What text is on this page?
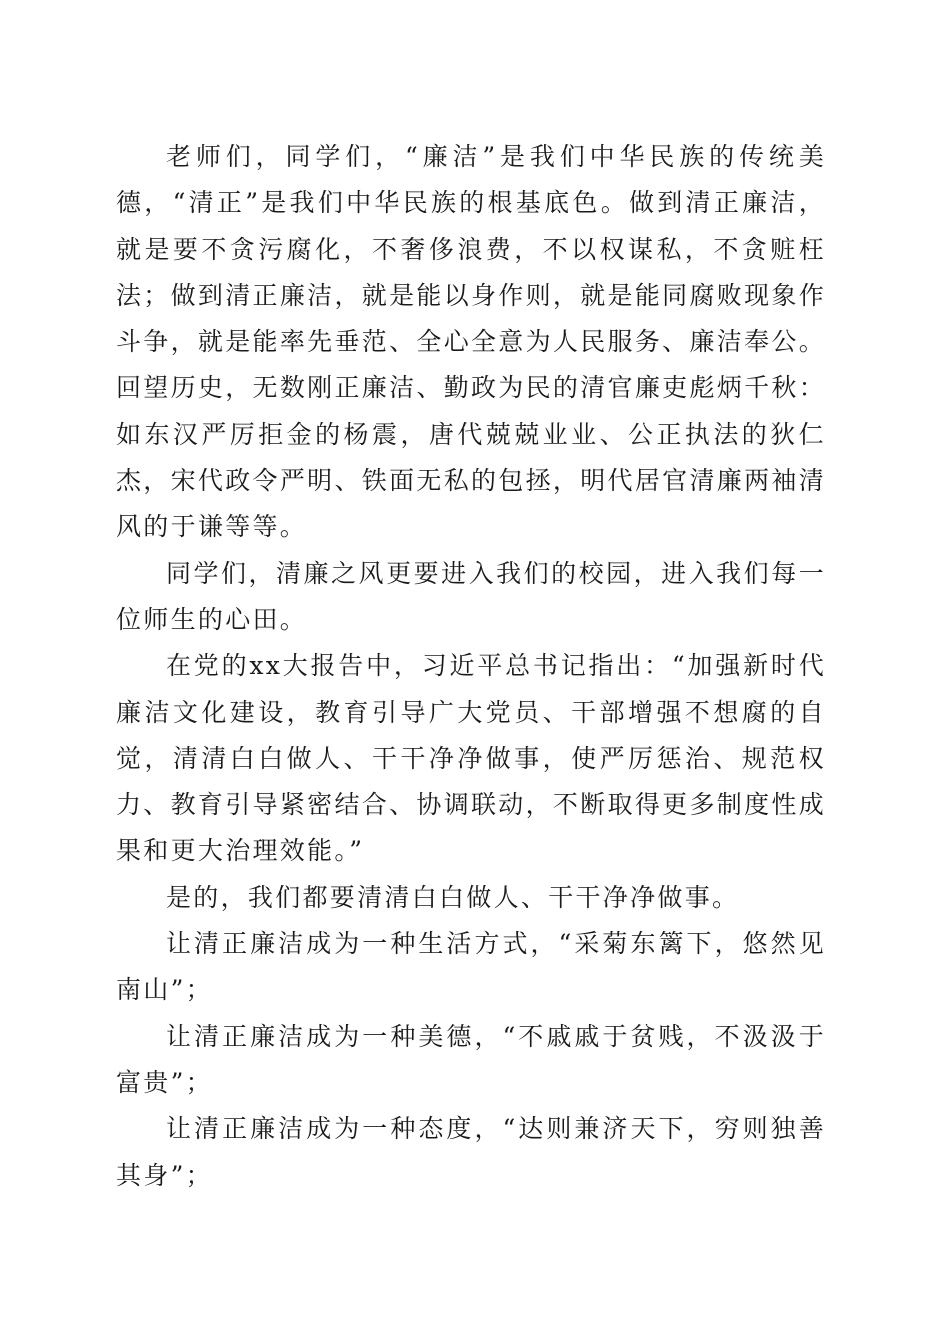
老师们，同学们，“廉洁”是我们中华民族的传统美德，“清正”是我们中华民族的根基底色。做到清正廉洁，就是要不贪污腐化，不奢侈浪费，不以权谋私，不贪赃枉法；做到清正廉洁，就是能以身作则，就是能同腐败现象作斗争，就是能率先垂范、全心全意为人民服务、廉洁奉公。回望历史，无数刚正廉洁、勤政为民的清官廉吏彪炳千秋：如东汉严厉拒金的杨震，唐代兢兢业业、公正执法的狄仁杰，宋代政令严明、铁面无私的包拯，明代居官清廉两袖清风的于谦等等。

同学们，清廉之风更要进入我们的校园，进入我们每一位师生的心田。

在党的xx大报告中，习近平总书记指出：“加强新时代廉洁文化建设，教育引导广大党员、干部增强不想腐的自觉，清清白白做人、干干净净做事，使严厉惩治、规范权力、教育引导紧密结合、协调联动，不断取得更多制度性成果和更大治理效能。”

是的，我们都要清清白白做人、干干净净做事。

让清正廉洁成为一种生活方式，“采菊东篱下，悠然见南山”；

让清正廉洁成为一种美德，“不戚戚于贫贱，不汲汲于富贵”；

让清正廉洁成为一种态度，“达则兼济天下，穷则独善其身”；
